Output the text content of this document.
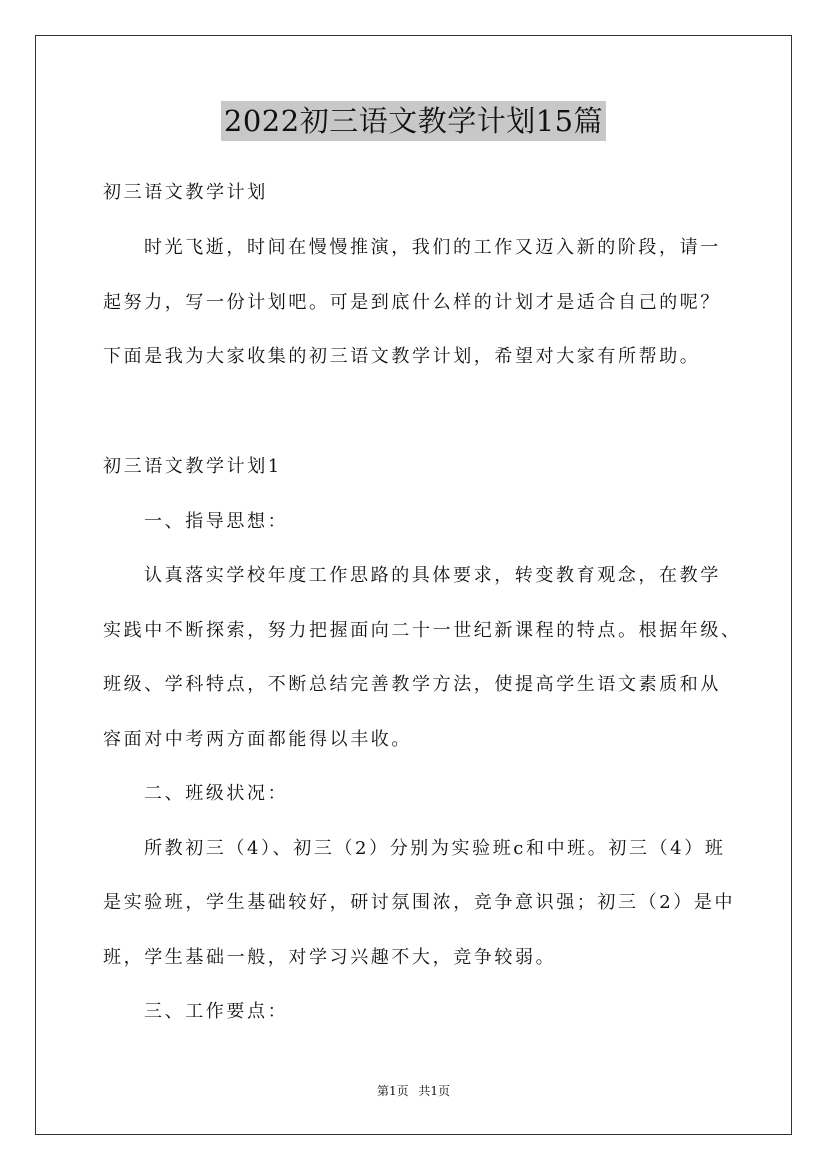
2022初三语文教学计划15篇
初三语文教学计划
时光飞逝，时间在慢慢推演，我们的工作又迈入新的阶段，请一
起努力，写一份计划吧。可是到底什么样的计划才是适合自己的呢？
下面是我为大家收集的初三语文教学计划，希望对大家有所帮助。
初三语文教学计划1
一、指导思想：
认真落实学校年度工作思路的具体要求，转变教育观念，在教学
实践中不断探索，努力把握面向二十一世纪新课程的特点。根据年级、
班级、学科特点，不断总结完善教学方法，使提高学生语文素质和从
容面对中考两方面都能得以丰收。
二、班级状况：
所教初三（4）、初三（2）分别为实验班c和中班。初三（4）班
是实验班，学生基础较好，研讨氛围浓，竞争意识强；初三（2）是中
班，学生基础一般，对学习兴趣不大，竞争较弱。
三、工作要点：
第1页 共1页
